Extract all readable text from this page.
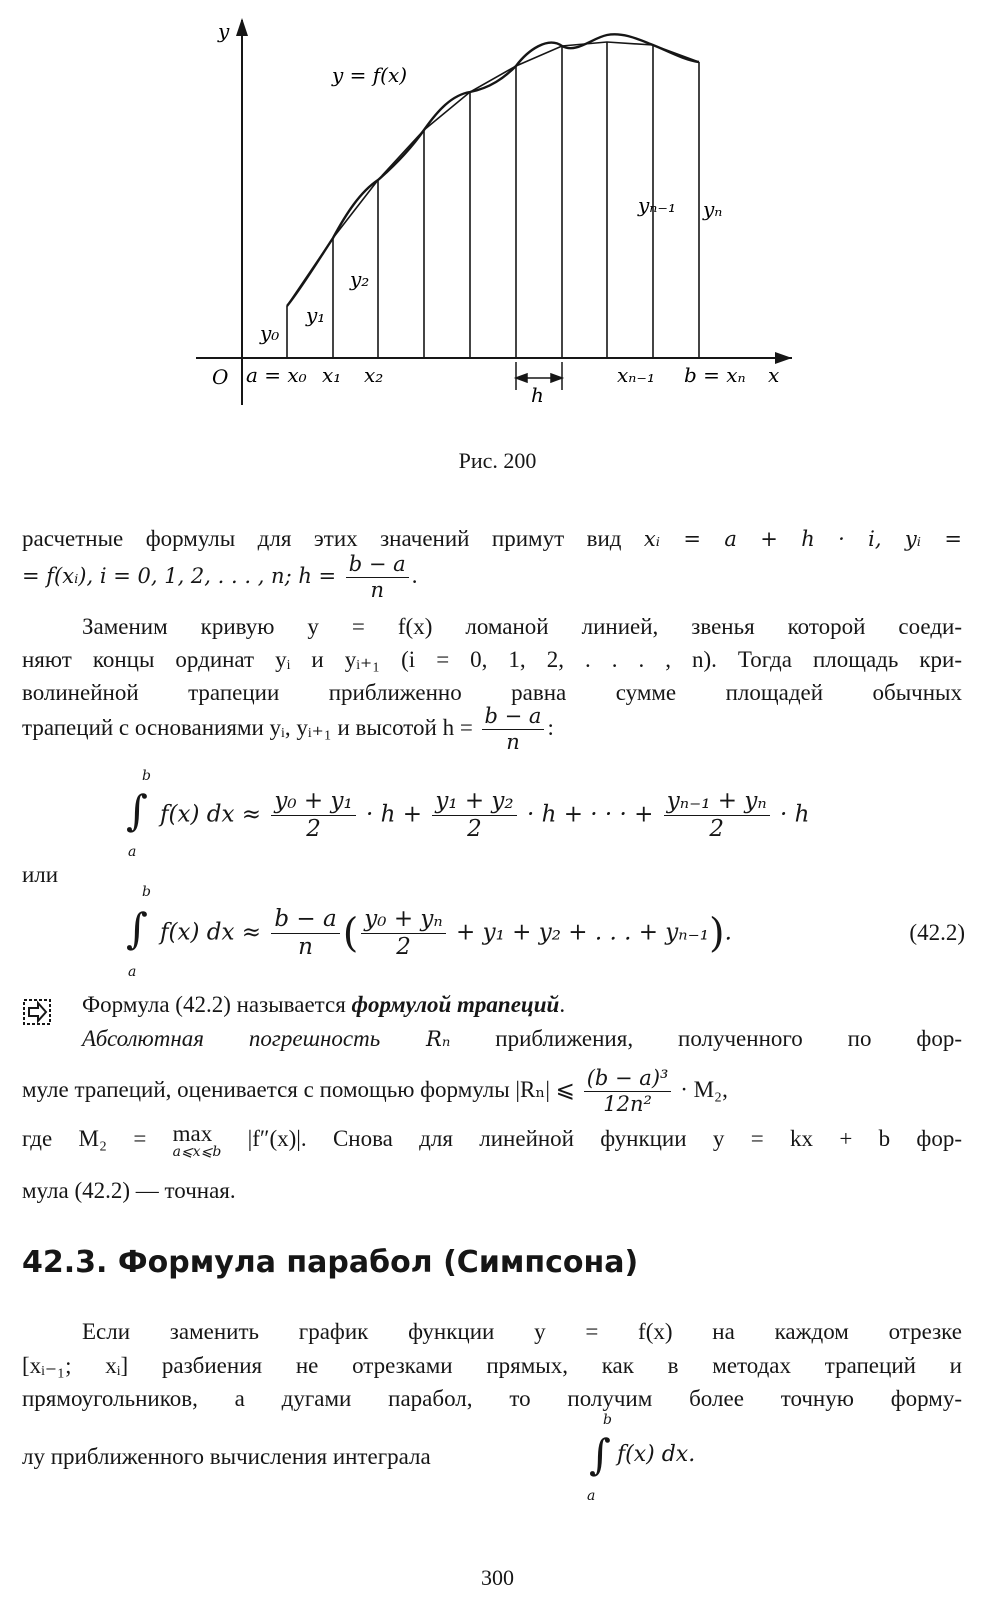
y
x
O
y = f(x)
a = x₀ x₁ x₂	xₙ₋₁ b = xₙ
y₀
y₁
y₂
yₙ₋₁ yₙ
h
Рис. 200
расчетные формулы для этих значений примут вид xᵢ = a + h · i, yᵢ =
= f(xᵢ), i = 0, 1, 2, . . . , n; $h = \frac{b - a}{n}$ .
Заменим кривую y = f(x) ломаной линией, звенья которой соеди-
няют концы ординат yᵢ и yᵢ₊₁ (i = 0, 1, 2, . . . , n). Тогда площадь кри-
волинейной трапеции приближенно равна сумме площадей обычных
трапеций с основаниями yᵢ, yᵢ₊₁ и высотой $h = \frac{b - a}{n}$ :
b
∫
a
f(x) dx ≈ $\frac{\text{y₀ + y₁}}{2} \cdot h + \frac{\text{y₁ + y₂}}{2} \cdot h$ + · · · + $\frac{\text{yₙ₋₁ + yₙ}}{2} \cdot h$
или
b
∫
a
f(x) dx ≈ $\frac{b - a}{n}$ ( $\frac{\text{y₀ + yₙ}}{2} + y_1 + y_2$ + . . . + yₙ₋₁).	(42.2)
Формула (42.2) называется формулой трапеций.
Абсолютная погрешность Rₙ приближения, полученного по фор-
муле трапеций, оценивается с помощью формулы |Rₙ| ⩽ $\frac{\text{(b − a)³}}{\text{12n²}} \cdot M_2$,
где M₂ = max
a⩽x⩽b
|f″(x)|. Снова для линейной функции y = kx + b фор-
мула (42.2) — точная.
42.3. Формула парабол (Симпсона)
Если заменить график функции y = f(x) на каждом отрезке
[xᵢ₋₁; xᵢ] разбиения не отрезками прямых, как в методах трапеций и
прямоугольников, а дугами парабол, то получим более точную форму-
лу приближенного вычисления интеграла
b
∫
a
f(x) dx.
300
